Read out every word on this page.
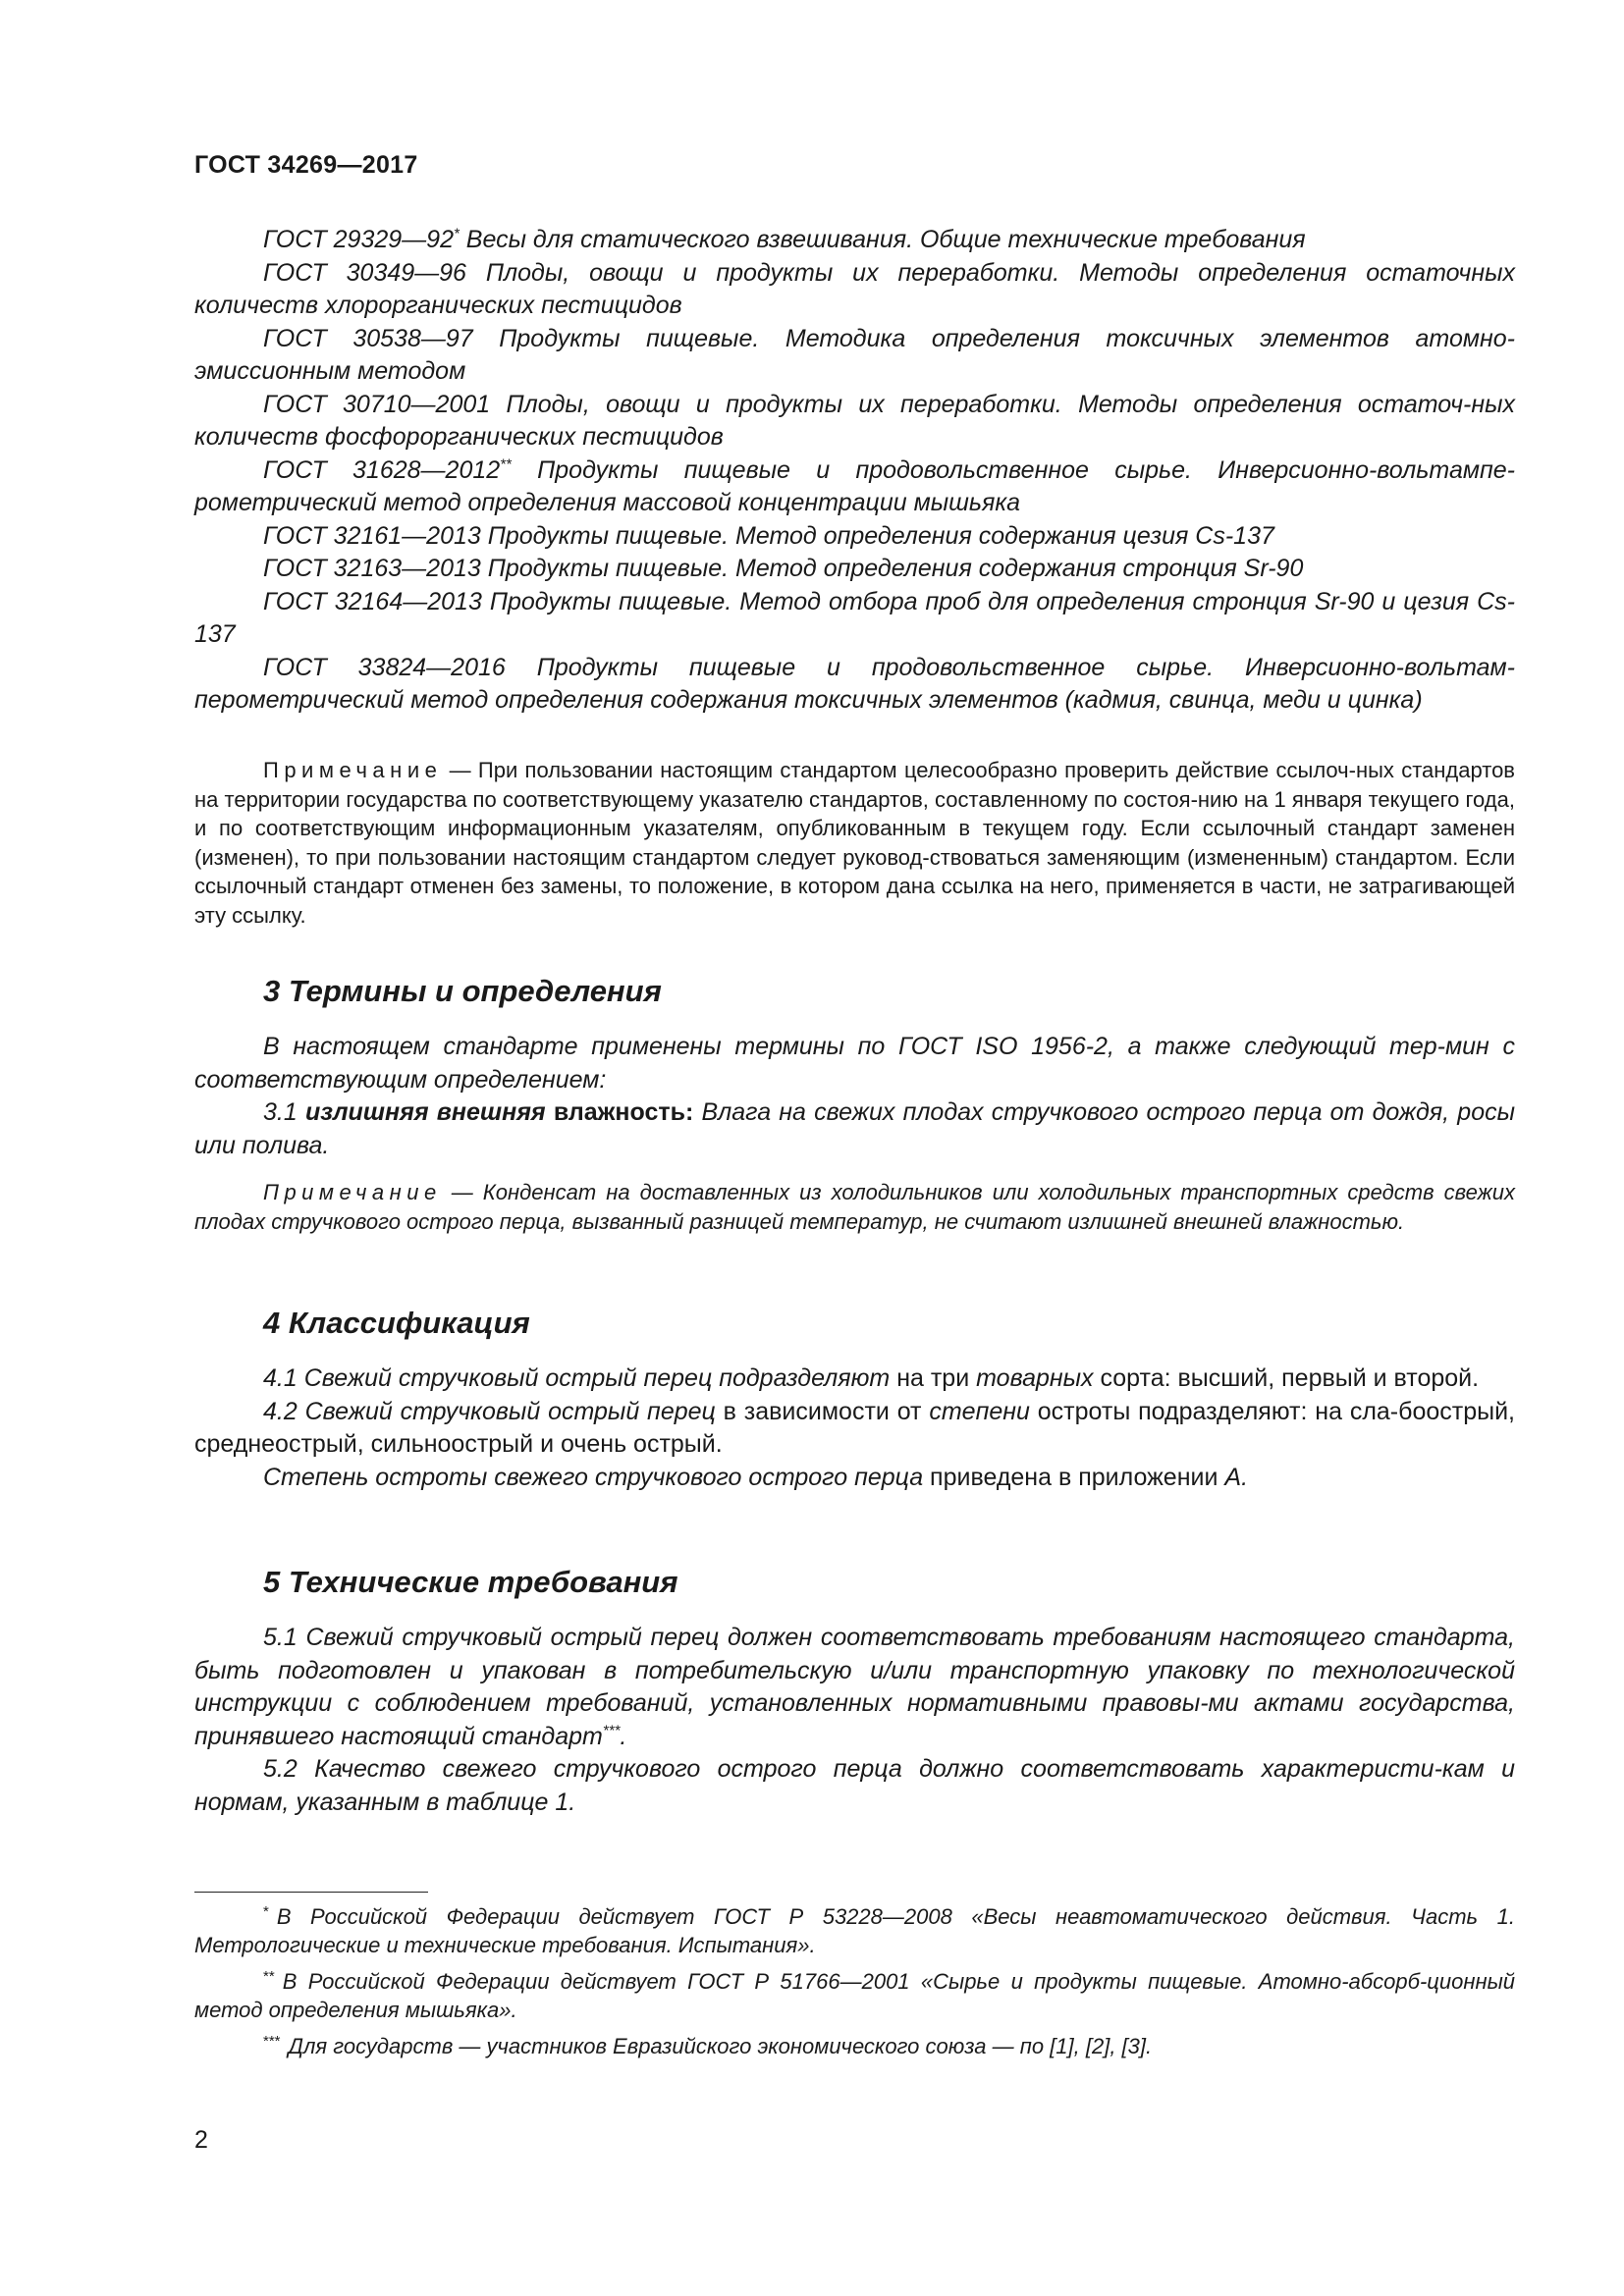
ГОСТ 34269—2017

ГОСТ 29329—92* Весы для статического взвешивания. Общие технические требования

ГОСТ 30349—96 Плоды, овощи и продукты их переработки. Методы определения остаточных количеств хлорорганических пестицидов

ГОСТ 30538—97 Продукты пищевые. Методика определения токсичных элементов атомно-эмиссионным методом

ГОСТ 30710—2001 Плоды, овощи и продукты их переработки. Методы определения остаточ-ных количеств фосфорорганических пестицидов

ГОСТ 31628—2012** Продукты пищевые и продовольственное сырье. Инверсионно-вольтампе-рометрический метод определения массовой концентрации мышьяка

ГОСТ 32161—2013 Продукты пищевые. Метод определения содержания цезия Cs-137

ГОСТ 32163—2013 Продукты пищевые. Метод определения содержания стронция Sr-90

ГОСТ 32164—2013 Продукты пищевые. Метод отбора проб для определения стронция Sr-90 и цезия Cs-137

ГОСТ 33824—2016 Продукты пищевые и продовольственное сырье. Инверсионно-вольтам-перометрический метод определения содержания токсичных элементов (кадмия, свинца, меди и цинка)

Примечание — При пользовании настоящим стандартом целесообразно проверить действие ссылоч-ных стандартов на территории государства по соответствующему указателю стандартов, составленному по состоя-нию на 1 января текущего года, и по соответствующим информационным указателям, опубликованным в текущем году. Если ссылочный стандарт заменен (изменен), то при пользовании настоящим стандартом следует руковод-ствоваться заменяющим (измененным) стандартом. Если ссылочный стандарт отменен без замены, то положение, в котором дана ссылка на него, применяется в части, не затрагивающей эту ссылку.

3 Термины и определения

В настоящем стандарте применены термины по ГОСТ ISO 1956-2, а также следующий тер-мин с соответствующим определением:

3.1 излишняя внешняя влажность: Влага на свежих плодах стручкового острого перца от дождя, росы или полива.

Примечание — Конденсат на доставленных из холодильников или холодильных транспортных средств свежих плодах стручкового острого перца, вызванный разницей температур, не считают излишней внешней влажностью.

4 Классификация

4.1 Свежий стручковый острый перец подразделяют на три товарных сорта: высший, первый и второй.

4.2 Свежий стручковый острый перец в зависимости от степени остроты подразделяют: на сла-боострый, среднеострый, сильноострый и очень острый.

Степень остроты свежего стручкового острого перца приведена в приложении А.

5 Технические требования

5.1 Свежий стручковый острый перец должен соответствовать требованиям настоящего стандарта, быть подготовлен и упакован в потребительскую и/или транспортную упаковку по технологической инструкции с соблюдением требований, установленных нормативными правовы-ми актами государства, принявшего настоящий стандарт***.

5.2 Качество свежего стручкового острого перца должно соответствовать характеристи-кам и нормам, указанным в таблице 1.

* В Российской Федерации действует ГОСТ Р 53228—2008 «Весы неавтоматического действия. Часть 1. Метрологические и технические требования. Испытания».

** В Российской Федерации действует ГОСТ Р 51766—2001 «Сырье и продукты пищевые. Атомно-абсорб-ционный метод определения мышьяка».

*** Для государств — участников Евразийского экономического союза — по [1], [2], [3].

2
